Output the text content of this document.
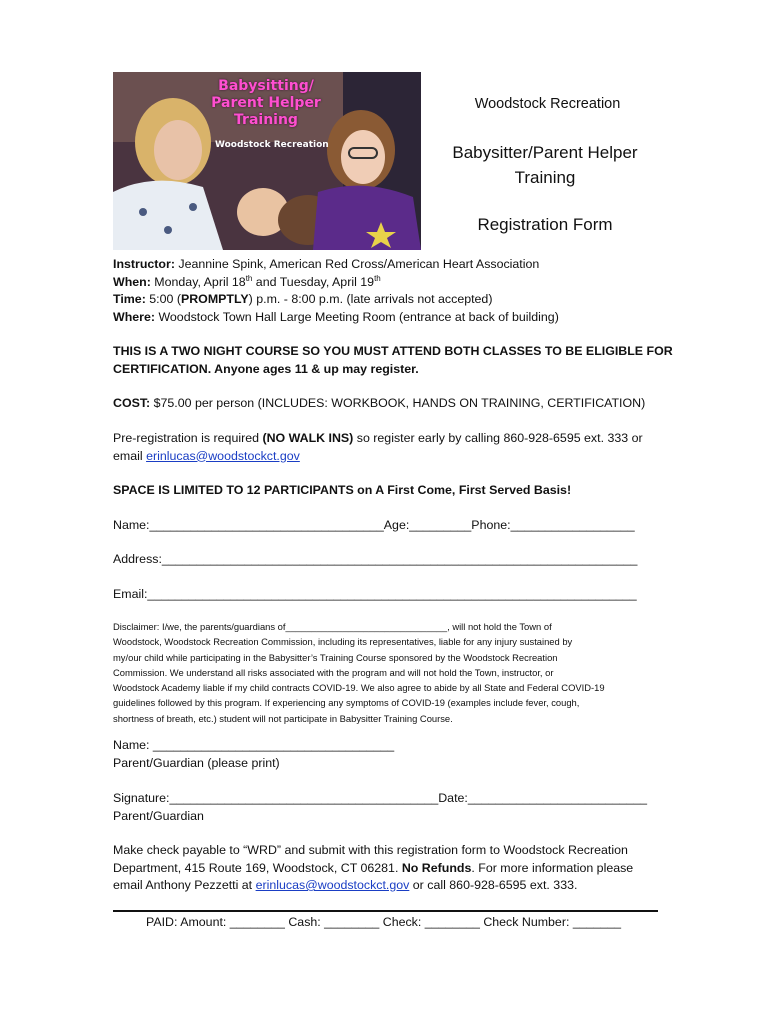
Babysitting/
Parent Helper
Training
Woodstock Recreation
Woodstock Recreation
Babysitter/Parent Helper
Training
Registration Form
Instructor: Jeannine Spink, American Red Cross/American Heart Association
When: Monday, April 18th and Tuesday, April 19th
Time: 5:00 (PROMPTLY) p.m. - 8:00 p.m. (late arrivals not accepted)
Where: Woodstock Town Hall Large Meeting Room (entrance at back of building)
THIS IS A TWO NIGHT COURSE SO YOU MUST ATTEND BOTH CLASSES TO BE ELIGIBLE FOR
CERTIFICATION. Anyone ages 11 & up may register.
COST: $75.00 per person (INCLUDES: WORKBOOK, HANDS ON TRAINING, CERTIFICATION)
Pre-registration is required (NO WALK INS) so register early by calling 860-928-6595 ext. 333 or
email erinlucas@woodstockct.gov
SPACE IS LIMITED TO 12 PARTICIPANTS on A First Come, First Served Basis!
Name:__________________________________Age:_________Phone:__________________
Address:_____________________________________________________________________
Email:_______________________________________________________________________
Disclaimer: I/we, the parents/guardians of_______________________________, will not hold the Town of
Woodstock, Woodstock Recreation Commission, including its representatives, liable for any injury sustained by
my/our child while participating in the Babysitter’s Training Course sponsored by the Woodstock Recreation
Commission. We understand all risks associated with the program and will not hold the Town, instructor, or
Woodstock Academy liable if my child contracts COVID-19. We also agree to abide by all State and Federal COVID-19
guidelines followed by this program. If experiencing any symptoms of COVID-19 (examples include fever, cough,
shortness of breath, etc.) student will not participate in Babysitter Training Course.
Name: ___________________________________
Parent/Guardian (please print)
Signature:_______________________________________Date:__________________________
Parent/Guardian
Make check payable to “WRD” and submit with this registration form to Woodstock Recreation
Department, 415 Route 169, Woodstock, CT 06281. No Refunds. For more information please
email Anthony Pezzetti at erinlucas@woodstockct.gov or call 860-928-6595 ext. 333.
PAID: Amount: ________ Cash: ________ Check: ________ Check Number: _______
